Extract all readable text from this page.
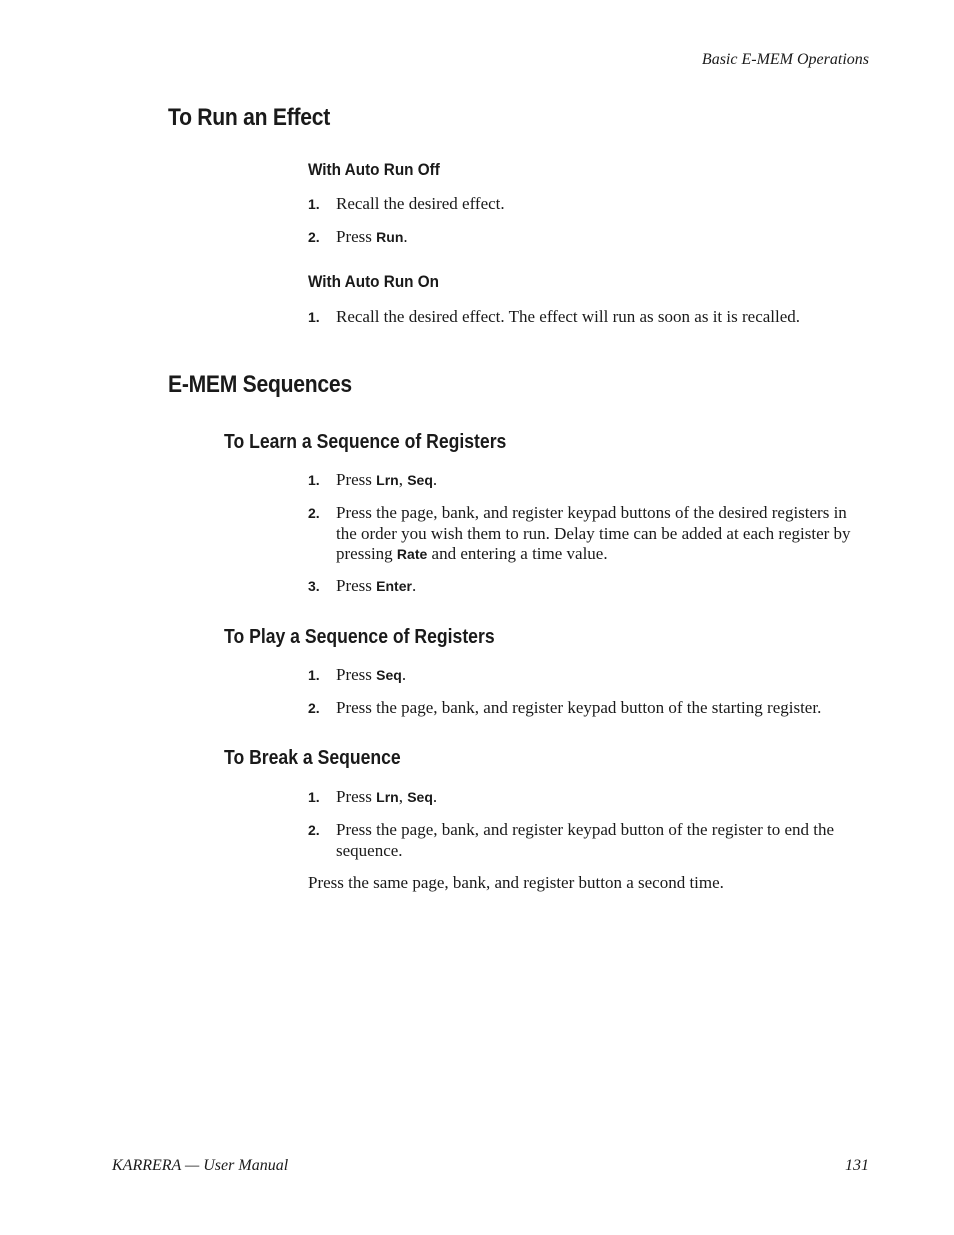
Basic E-MEM Operations
To Run an Effect
With Auto Run Off
1. Recall the desired effect.
2. Press Run.
With Auto Run On
1. Recall the desired effect. The effect will run as soon as it is recalled.
E-MEM Sequences
To Learn a Sequence of Registers
1. Press Lrn, Seq.
2. Press the page, bank, and register keypad buttons of the desired registers in the order you wish them to run. Delay time can be added at each register by pressing Rate and entering a time value.
3. Press Enter.
To Play a Sequence of Registers
1. Press Seq.
2. Press the page, bank, and register keypad button of the starting register.
To Break a Sequence
1. Press Lrn, Seq.
2. Press the page, bank, and register keypad button of the register to end the sequence.
Press the same page, bank, and register button a second time.
KARRERA — User Manual	131
